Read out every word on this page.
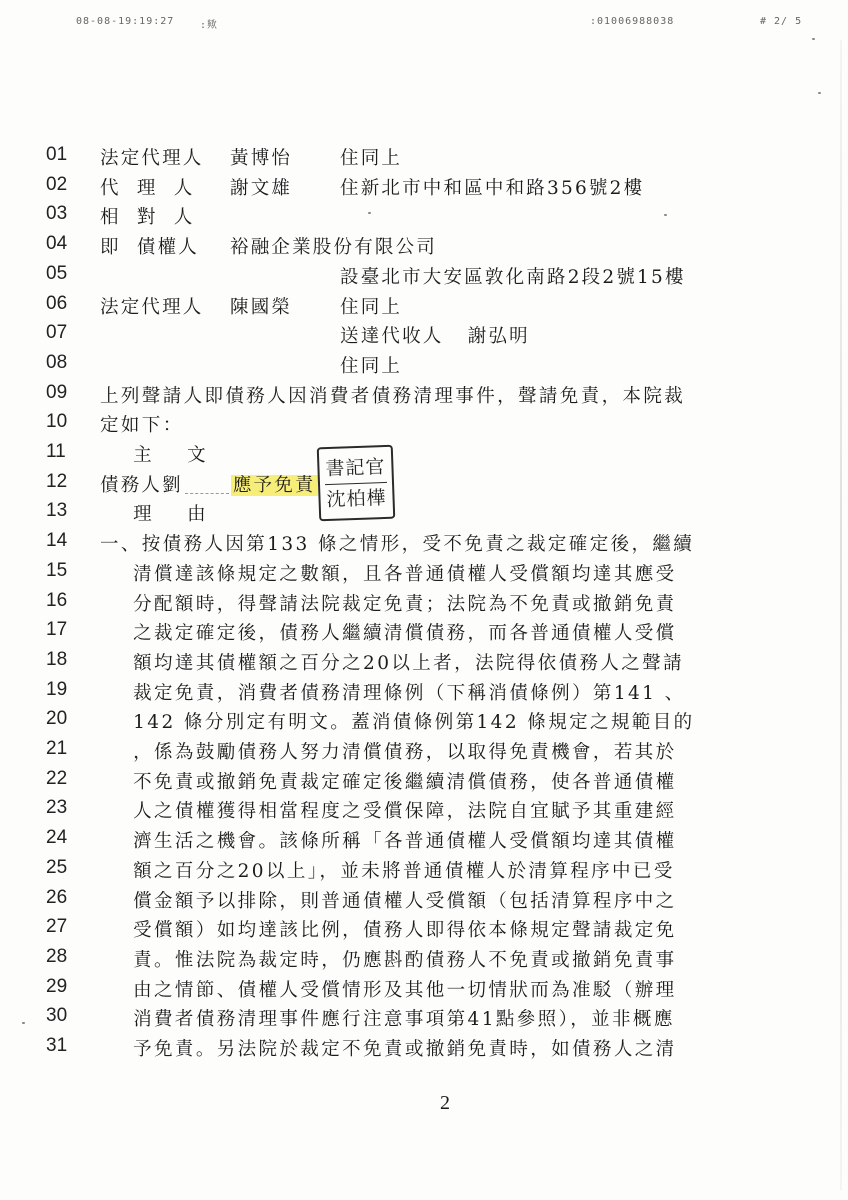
08-08-19:19:27	:歟	:01006988038	# 2/ 5
01	法定代理人 黃博怡	住同上
02	代  理  人 謝文雄	住新北市中和區中和路356號2樓
03	相  對  人
04	即  債權人 裕融企業股份有限公司
05	設臺北市大安區敦化南路2段2號15樓
06	法定代理人 陳國榮	住同上
07	送達代收人   謝弘明
08	住同上
09	上列聲請人即債務人因消費者債務清理事件，聲請免責，本院裁
10	定如下：
11	主    文
12	債務人劉	應予免責
13	理    由
14	一、按債務人因第133 條之情形，受不免責之裁定確定後，繼續
15	清償達該條規定之數額，且各普通債權人受償額均達其應受
16	分配額時，得聲請法院裁定免責；法院為不免責或撤銷免責
17	之裁定確定後，債務人繼續清償債務，而各普通債權人受償
18	額均達其債權額之百分之20以上者，法院得依債務人之聲請
19	裁定免責，消費者債務清理條例（下稱消債條例）第141 、
20	142 條分別定有明文。蓋消債條例第142 條規定之規範目的
21	，係為鼓勵債務人努力清償債務，以取得免責機會，若其於
22	不免責或撤銷免責裁定確定後繼續清償債務，使各普通債權
23	人之債權獲得相當程度之受償保障，法院自宜賦予其重建經
24	濟生活之機會。該條所稱「各普通債權人受償額均達其債權
25	額之百分之20以上」，並未將普通債權人於清算程序中已受
26	償金額予以排除，則普通債權人受償額（包括清算程序中之
27	受償額）如均達該比例，債務人即得依本條規定聲請裁定免
28	責。惟法院為裁定時，仍應斟酌債務人不免責或撤銷免責事
29	由之情節、債權人受償情形及其他一切情狀而為准駁（辦理
30	消費者債務清理事件應行注意事項第41點參照），並非概應
31	予免責。另法院於裁定不免責或撤銷免責時，如債務人之清
書記官
沈柏樺
2
